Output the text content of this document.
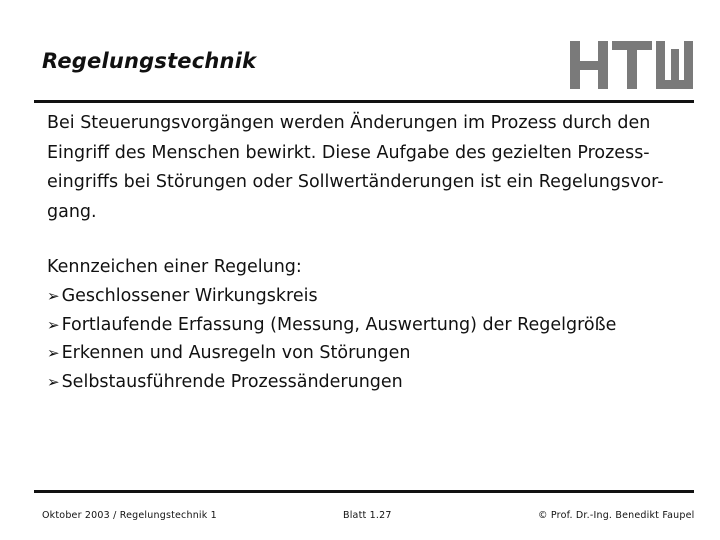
Regelungstechnik

Bei Steuerungsvorgängen werden Änderungen im Prozess durch den
Eingriff des Menschen bewirkt. Diese Aufgabe des gezielten Prozess-
eingriffs bei Störungen oder Sollwertänderungen ist ein Regelungsvor-
gang.

Kennzeichen einer Regelung:
➢ Geschlossener Wirkungskreis
➢ Fortlaufende Erfassung (Messung, Auswertung) der Regelgröße
➢ Erkennen und Ausregeln von Störungen
➢ Selbstausführende Prozessänderungen
Oktober 2003 / Regelungstechnik 1	Blatt 1.27	© Prof. Dr.-Ing. Benedikt Faupel
